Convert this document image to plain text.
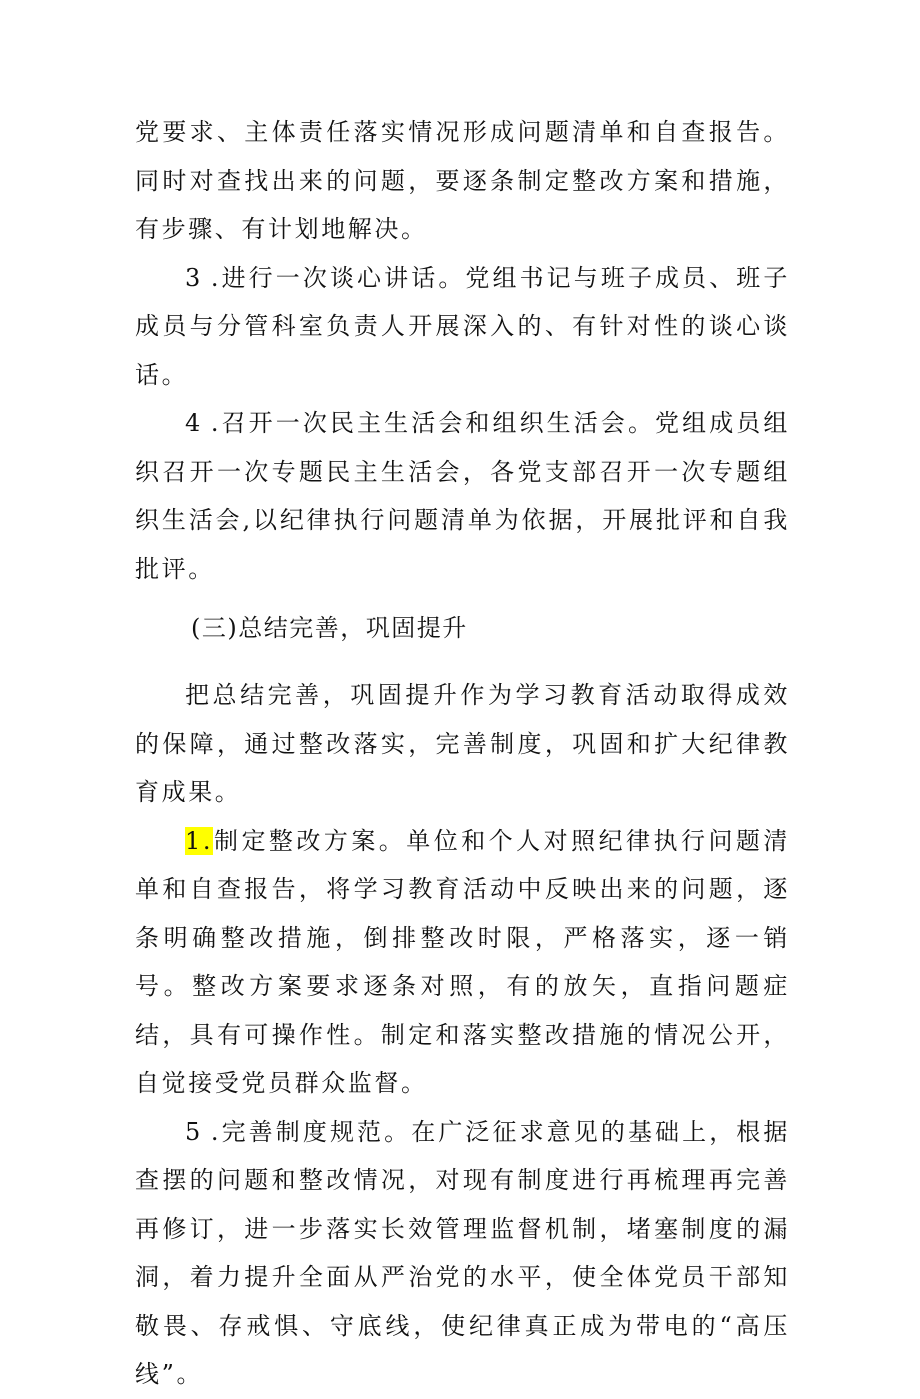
党要求、主体责任落实情况形成问题清单和自查报告。同时对查找出来的问题，要逐条制定整改方案和措施，有步骤、有计划地解决。

3 .进行一次谈心讲话。党组书记与班子成员、班子成员与分管科室负责人开展深入的、有针对性的谈心谈话。

4 .召开一次民主生活会和组织生活会。党组成员组织召开一次专题民主生活会，各党支部召开一次专题组织生活会,以纪律执行问题清单为依据，开展批评和自我批评。

(三)总结完善，巩固提升

把总结完善，巩固提升作为学习教育活动取得成效的保障，通过整改落实，完善制度，巩固和扩大纪律教育成果。

1.制定整改方案。单位和个人对照纪律执行问题清单和自查报告，将学习教育活动中反映出来的问题，逐条明确整改措施，倒排整改时限，严格落实，逐一销号。整改方案要求逐条对照，有的放矢，直指问题症结，具有可操作性。制定和落实整改措施的情况公开，自觉接受党员群众监督。

5 .完善制度规范。在广泛征求意见的基础上，根据查摆的问题和整改情况，对现有制度进行再梳理再完善再修订，进一步落实长效管理监督机制，堵塞制度的漏洞，着力提升全面从严治党的水平，使全体党员干部知敬畏、存戒惧、守底线，使纪律真正成为带电的“高压线”。
